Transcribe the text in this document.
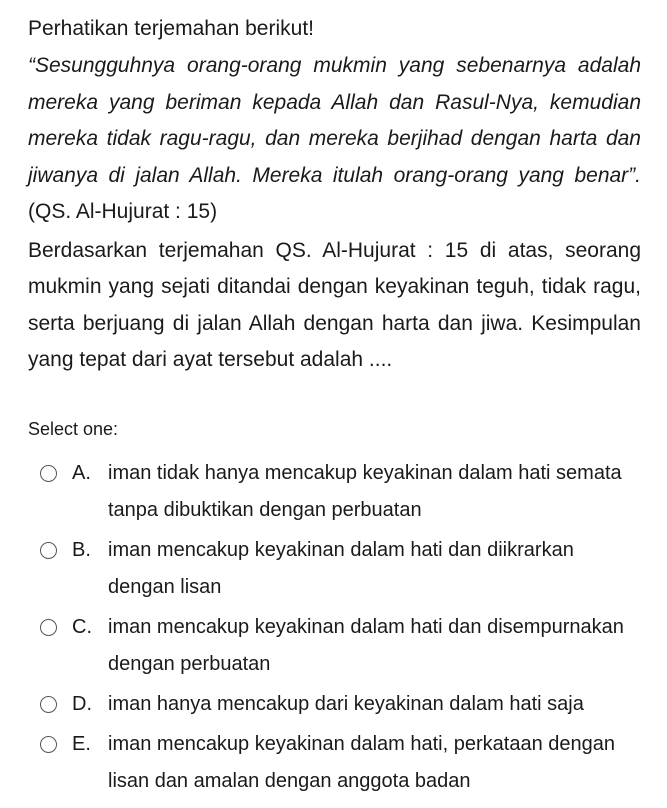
Perhatikan terjemahan berikut!

“Sesungguhnya orang-orang mukmin yang sebenarnya adalah mereka yang beriman kepada Allah dan Rasul-Nya, kemudian mereka tidak ragu-ragu, dan mereka berjihad dengan harta dan jiwanya di jalan Allah. Mereka itulah orang-orang yang benar”. (QS. Al-Hujurat : 15)

Berdasarkan terjemahan QS. Al-Hujurat : 15 di atas, seorang mukmin yang sejati ditandai dengan keyakinan teguh, tidak ragu, serta berjuang di jalan Allah dengan harta dan jiwa. Kesimpulan yang tepat dari ayat tersebut adalah ....

Select one:
A. iman tidak hanya mencakup keyakinan dalam hati semata tanpa dibuktikan dengan perbuatan
B. iman mencakup keyakinan dalam hati dan diikrarkan dengan lisan
C. iman mencakup keyakinan dalam hati dan disempurnakan dengan perbuatan
D. iman hanya mencakup dari keyakinan dalam hati saja
E. iman mencakup keyakinan dalam hati, perkataan dengan lisan dan amalan dengan anggota badan
